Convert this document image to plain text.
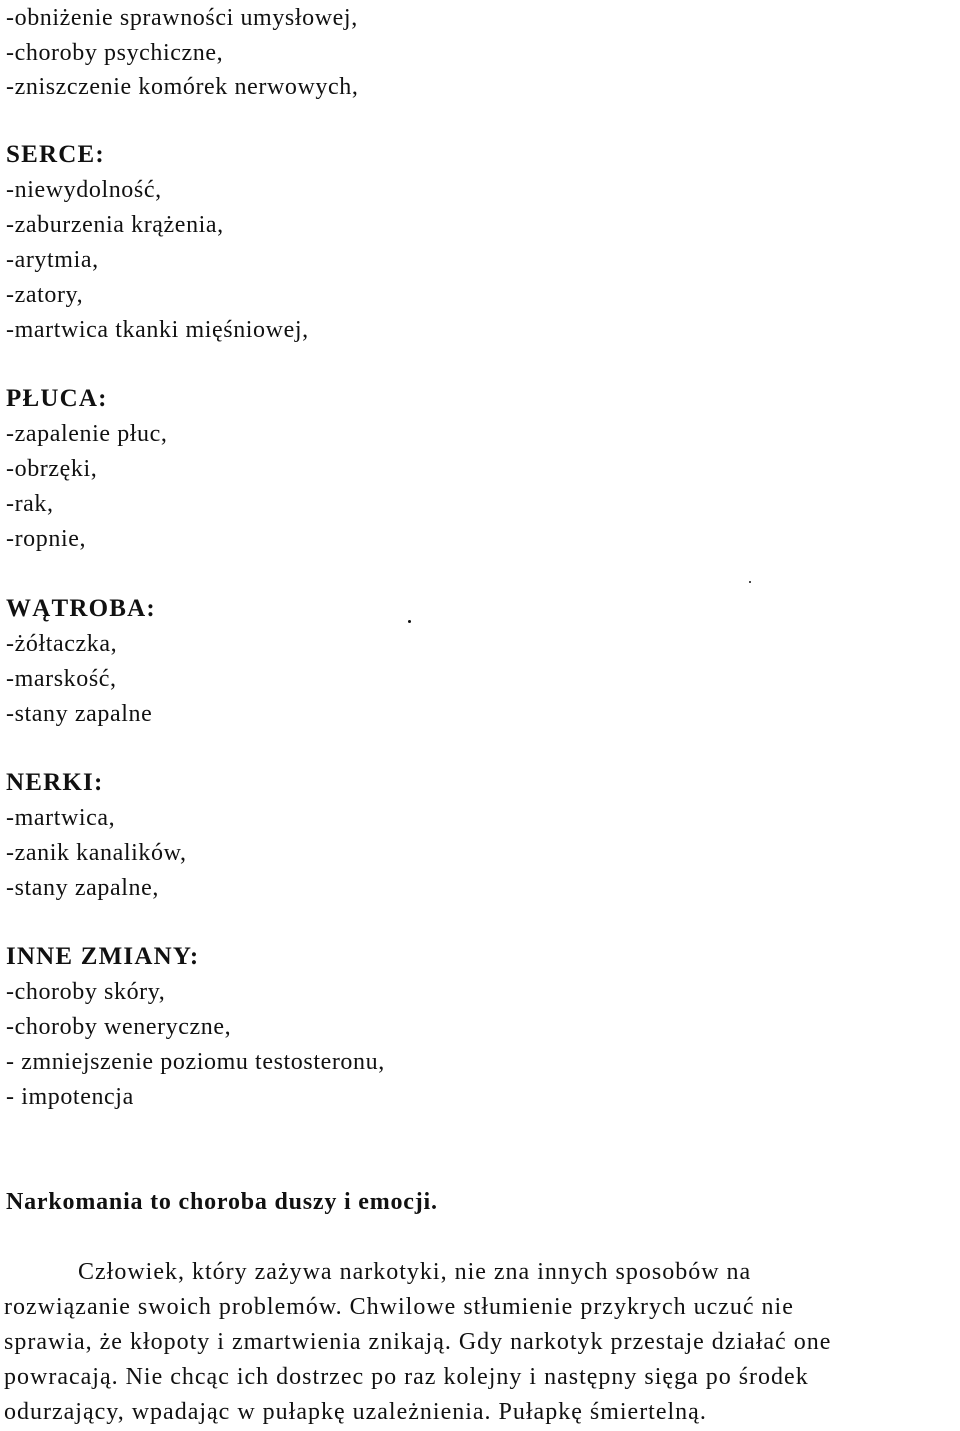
-obniżenie sprawności umysłowej,
-choroby psychiczne,
-zniszczenie komórek nerwowych,
SERCE:
-niewydolność,
-zaburzenia krążenia,
-arytmia,
-zatory,
-martwica tkanki mięśniowej,
PŁUCA:
-zapalenie płuc,
-obrzęki,
-rak,
-ropnie,
WĄTROBA:
-żółtaczka,
-marskość,
-stany zapalne
NERKI:
-martwica,
-zanik kanalików,
-stany zapalne,
INNE ZMIANY:
-choroby skóry,
-choroby weneryczne,
- zmniejszenie poziomu testosteronu,
- impotencja
Narkomania to choroba duszy i emocji.
Człowiek, który zażywa narkotyki, nie zna innych sposobów na
rozwiązanie swoich problemów. Chwilowe stłumienie przykrych uczuć nie
sprawia, że kłopoty i zmartwienia znikają. Gdy narkotyk przestaje działać one
powracają. Nie chcąc ich dostrzec po raz kolejny i następny sięga po środek
odurzający, wpadając w pułapkę uzależnienia. Pułapkę śmiertelną.
